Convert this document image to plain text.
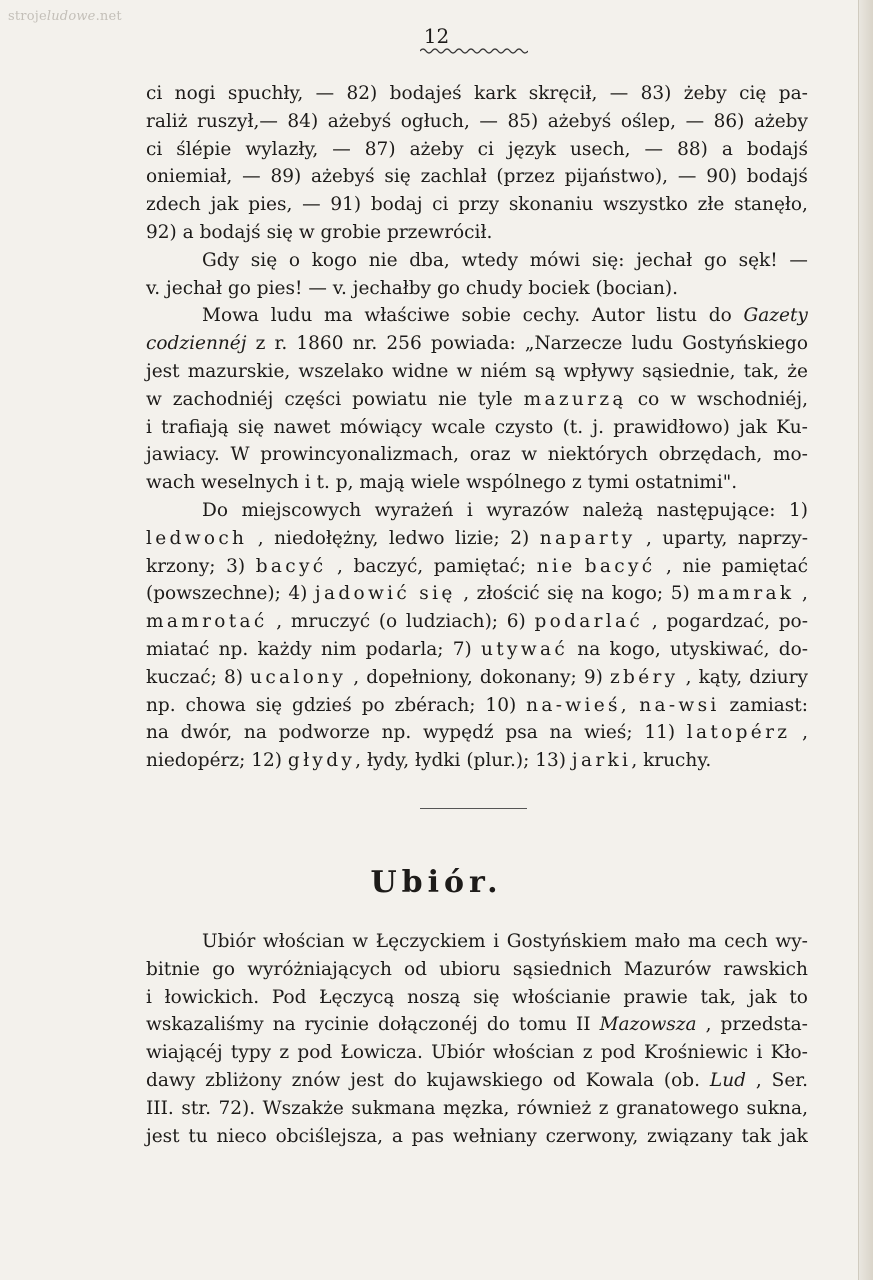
strojeludowe.net
12
ci nogi spuchły, — 82) bodajeś kark skręcił, — 83) żeby cię pa-
raliż ruszył,— 84) ażebyś ogłuch, — 85) ażebyś oślep, — 86) ażeby
ci ślépie wylazły, — 87) ażeby ci język usech, — 88) a bodajś
oniemiał, — 89) ażebyś się zachlał (przez pijaństwo), — 90) bodajś
zdech jak pies, — 91) bodaj ci przy skonaniu wszystko złe stanęło,
92)
a
bodajś
się
w
grobie
przewrócił.
Gdy się o kogo nie dba, wtedy mówi się: jechał go sęk! —
v.
jechał
go
pies!
—
v.
jechałby
go
chudy
bociek
(bocian).
Mowa ludu ma właściwe sobie cechy. Autor listu do Gazety
codziennéj z r. 1860 nr. 256 powiada: „Narzecze ludu Gostyńskiego
jest mazurskie, wszelako widne w niém są wpływy sąsiednie, tak, że
w zachodniéj części powiatu nie tyle mazurzą co w wschodniéj,
i trafiają się nawet mówiący wcale czysto (t. j. prawidłowo) jak Ku-
jawiacy. W prowincyonalizmach, oraz w niektórych obrzędach, mo-
wach
weselnych
i
t.
p,
mają
wiele
wspólnego
z
tymi
ostatnimi".
Do miejscowych wyrażeń i wyrazów należą następujące: 1)
ledwoch , niedołężny, ledwo lizie; 2) naparty , uparty, naprzy-
krzony; 3) bacyć , baczyć, pamiętać; nie bacyć , nie pamiętać
(powszechne); 4) jadowić się , złościć się na kogo; 5) mamrak ,
mamrotać , mruczyć (o ludziach); 6) podarlać , pogardzać, po-
miatać np. każdy nim podarla; 7) utywać na kogo, utyskiwać, do-
kuczać; 8) ucalony , dopełniony, dokonany; 9) zbéry , kąty, dziury
np. chowa się gdzieś po zbérach; 10) na-wieś, na-wsi zamiast:
na dwór, na podworze np. wypędź psa na wieś; 11) latopérz ,
niedopérz;
12)
głydy ,
łydy,
łydki
(plur.);
13)
jarki ,
kruchy.
Ubiór.
Ubiór włościan w Łęczyckiem i Gostyńskiem mało ma cech wy-
bitnie go wyróżniających od ubioru sąsiednich Mazurów rawskich
i łowickich. Pod Łęczycą noszą się włościanie prawie tak, jak to
wskazaliśmy na rycinie dołączonéj do tomu II Mazowsza , przedsta-
wiającéj typy z pod Łowicza. Ubiór włościan z pod Krośniewic i Kło-
dawy zbliżony znów jest do kujawskiego od Kowala (ob. Lud , Ser.
III. str. 72). Wszakże sukmana męzka, również z granatowego sukna,
jest tu nieco obciślejsza, a pas wełniany czerwony, związany tak jak
